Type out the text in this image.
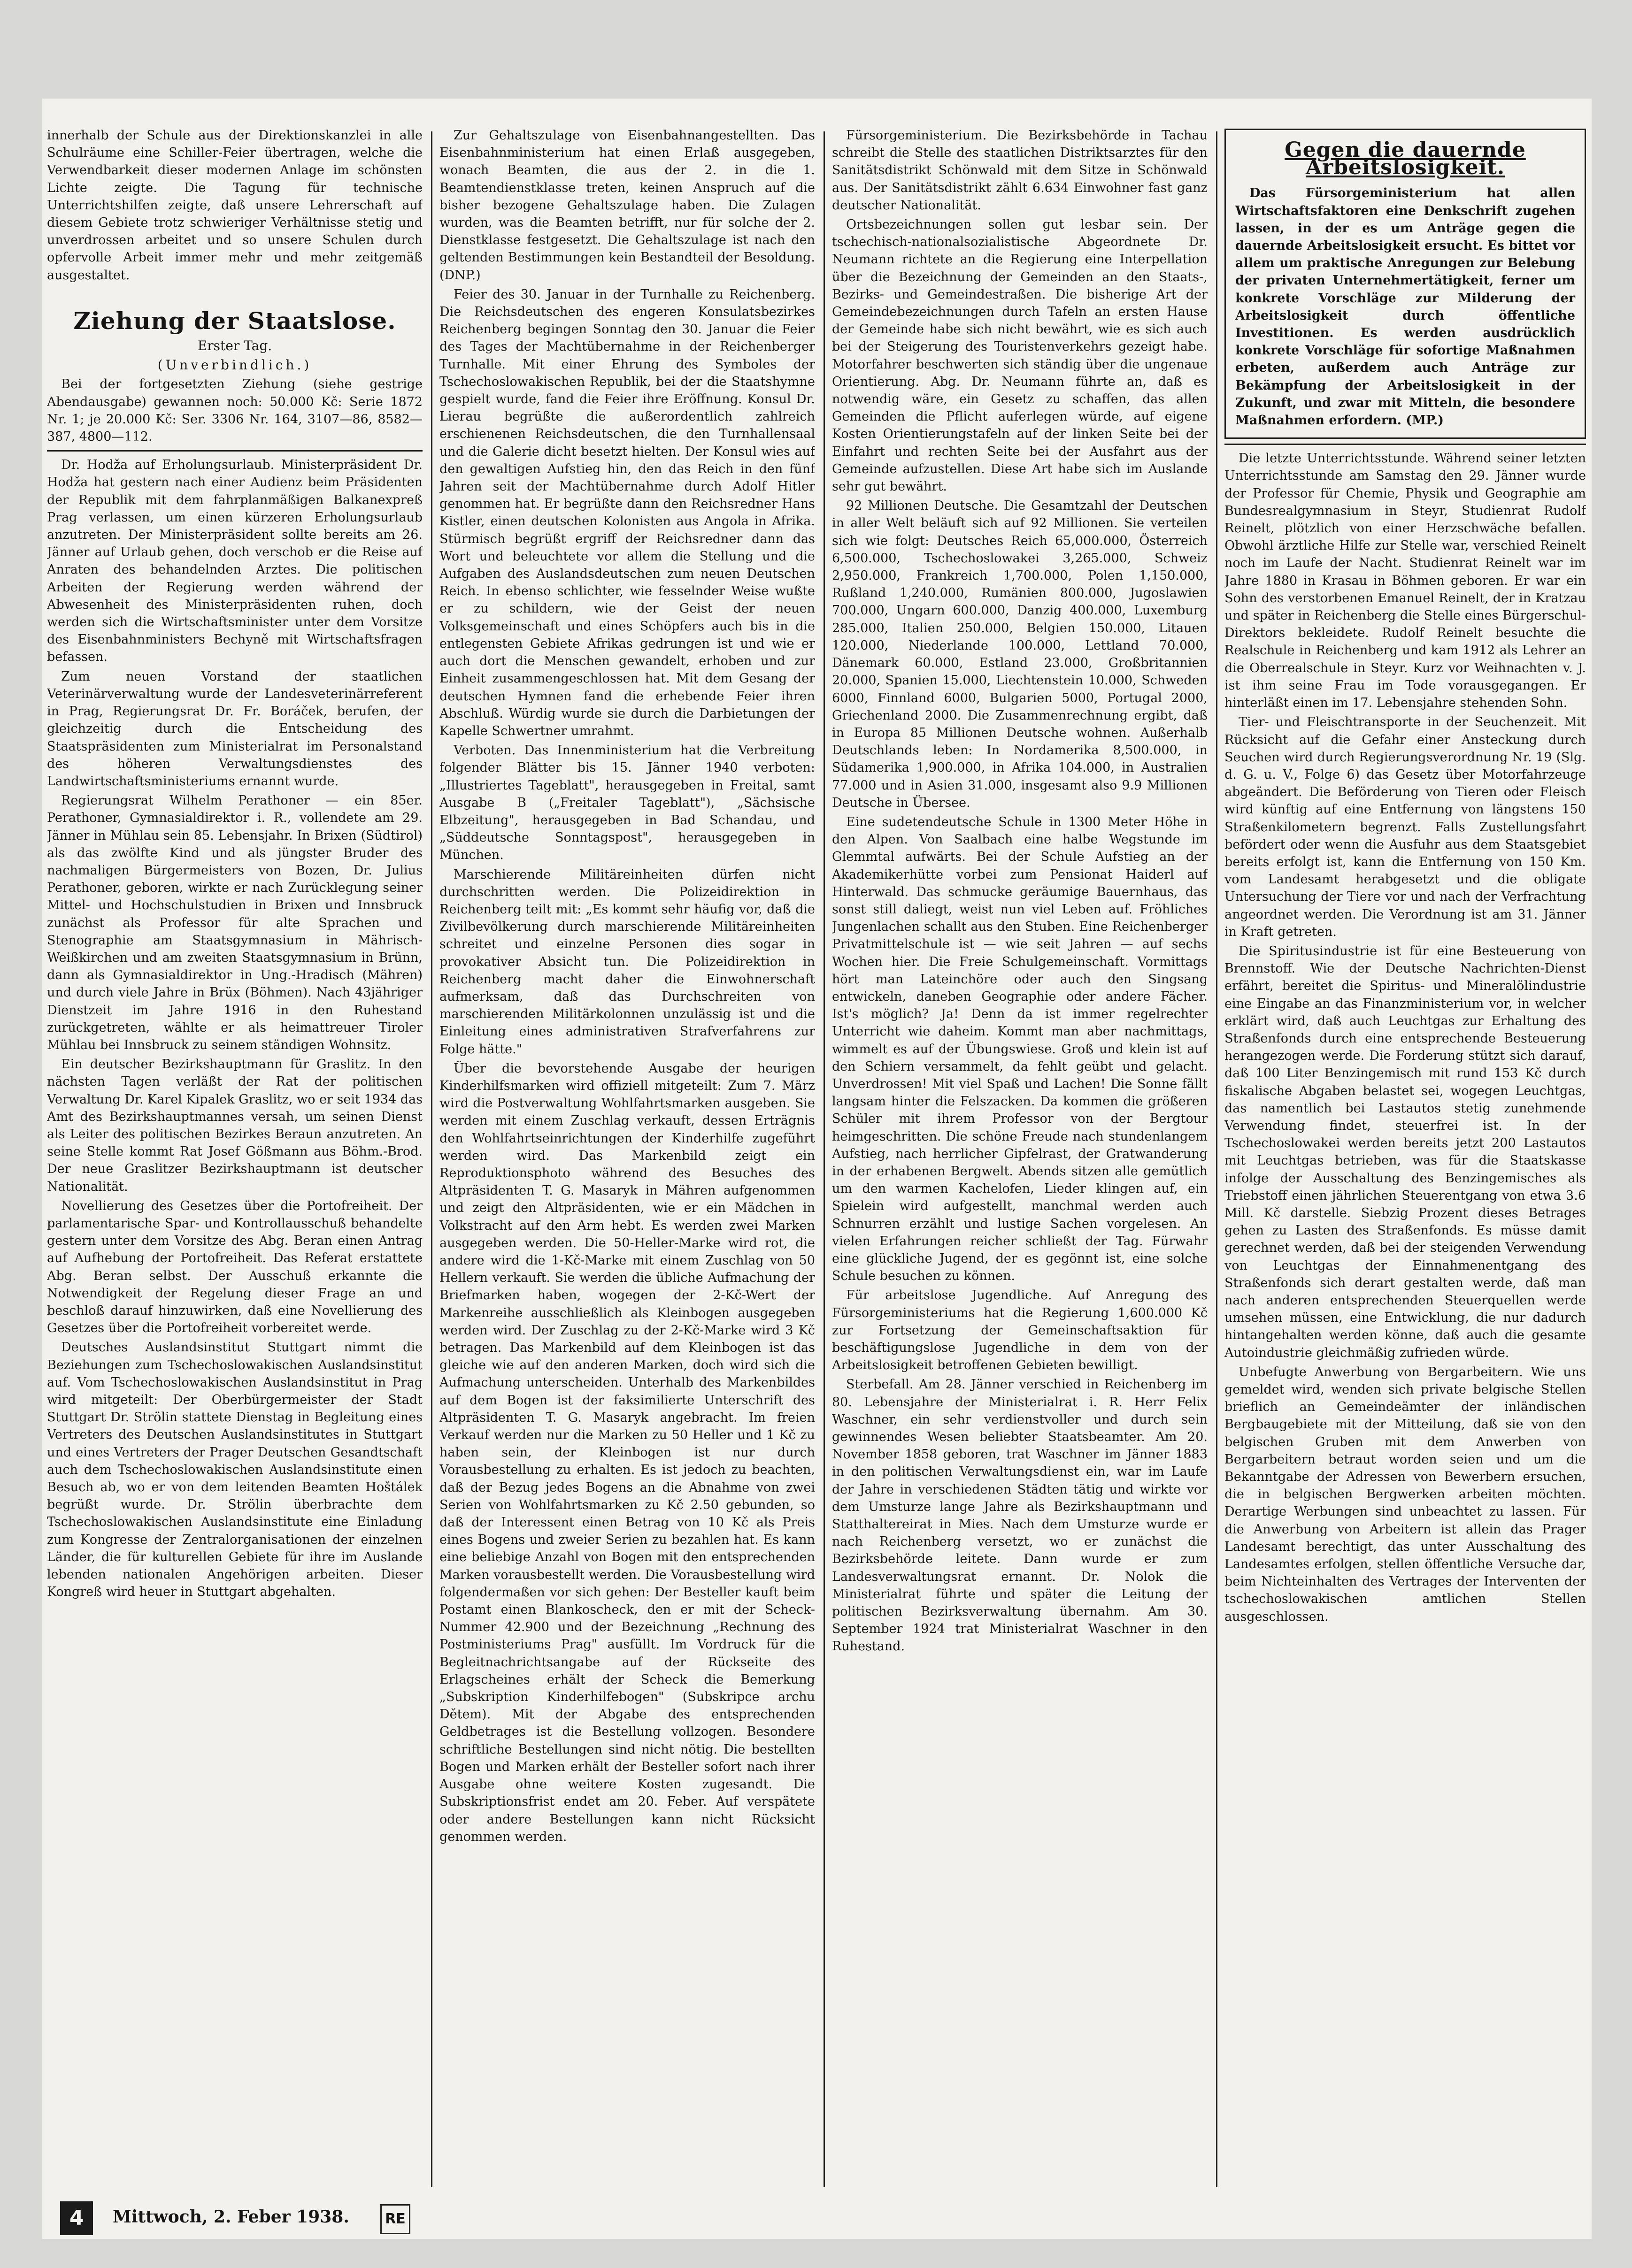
innerhalb der Schule aus der Direktionskanzlei in alle Schulräume eine Schiller-Feier übertragen, welche die Verwendbarkeit dieser modernen Anlage im schönsten Lichte zeigte. Die Tagung für technische Unterrichtshilfen zeigte, daß unsere Lehrerschaft auf diesem Gebiete trotz schwieriger Verhältnisse stetig und unverdrossen arbeitet und so unsere Schulen durch opfervolle Arbeit immer mehr und mehr zeitgemäß ausgestaltet.

Ziehung der Staatslose.
Erster Tag.
(Unverbindlich.)

Bei der fortgesetzten Ziehung (siehe gestrige Abendausgabe) gewannen noch: 50.000 Kč: Serie 1872 Nr. 1; je 20.000 Kč: Ser. 3306 Nr. 164, 3107—86, 8582—387, 4800—112.

Dr. Hodža auf Erholungsurlaub. Ministerpräsident Dr. Hodža hat gestern nach einer Audienz beim Präsidenten der Republik mit dem fahrplanmäßigen Balkanexpreß Prag verlassen, um einen kürzeren Erholungsurlaub anzutreten. Der Ministerpräsident sollte bereits am 26. Jänner auf Urlaub gehen, doch verschob er die Reise auf Anraten des behandelnden Arztes. Die politischen Arbeiten der Regierung werden während der Abwesenheit des Ministerpräsidenten ruhen, doch werden sich die Wirtschaftsminister unter dem Vorsitze des Eisenbahnministers Bechyně mit Wirtschaftsfragen befassen.

Zum neuen Vorstand der staatlichen Veterinärverwaltung wurde der Landesveterinärreferent in Prag, Regierungsrat Dr. Fr. Boráček, berufen, der gleichzeitig durch die Entscheidung des Staatspräsidenten zum Ministerialrat im Personalstand des höheren Verwaltungsdienstes des Landwirtschaftsministeriums ernannt wurde.

Regierungsrat Wilhelm Perathoner — ein 85er. Perathoner, Gymnasialdirektor i. R., vollendete am 29. Jänner in Mühlau sein 85. Lebensjahr. In Brixen (Südtirol) als das zwölfte Kind und als jüngster Bruder des nachmaligen Bürgermeisters von Bozen, Dr. Julius Perathoner, geboren, wirkte er nach Zurücklegung seiner Mittel- und Hochschulstudien in Brixen und Innsbruck zunächst als Professor für alte Sprachen und Stenographie am Staatsgymnasium in Mährisch-Weißkirchen und am zweiten Staatsgymnasium in Brünn, dann als Gymnasialdirektor in Ung.-Hradisch (Mähren) und durch viele Jahre in Brüx (Böhmen). Nach 43jähriger Dienstzeit im Jahre 1916 in den Ruhestand zurückgetreten, wählte er als heimattreuer Tiroler Mühlau bei Innsbruck zu seinem ständigen Wohnsitz.

Ein deutscher Bezirkshauptmann für Graslitz. In den nächsten Tagen verläßt der Rat der politischen Verwaltung Dr. Karel Kipalek Graslitz, wo er seit 1934 das Amt des Bezirkshauptmannes versah, um seinen Dienst als Leiter des politischen Bezirkes Beraun anzutreten. An seine Stelle kommt Rat Josef Gößmann aus Böhm.-Brod. Der neue Graslitzer Bezirkshauptmann ist deutscher Nationalität.

Novellierung des Gesetzes über die Portofreiheit. Der parlamentarische Spar- und Kontrollausschuß behandelte gestern unter dem Vorsitze des Abg. Beran einen Antrag auf Aufhebung der Portofreiheit. Das Referat erstattete Abg. Beran selbst. Der Ausschuß erkannte die Notwendigkeit der Regelung dieser Frage an und beschloß darauf hinzuwirken, daß eine Novellierung des Gesetzes über die Portofreiheit vorbereitet werde.

Deutsches Auslandsinstitut Stuttgart nimmt die Beziehungen zum Tschechoslowakischen Auslandsinstitut auf. Vom Tschechoslowakischen Auslandsinstitut in Prag wird mitgeteilt: Der Oberbürgermeister der Stadt Stuttgart Dr. Strölin stattete Dienstag in Begleitung eines Vertreters des Deutschen Auslandsinstitutes in Stuttgart und eines Vertreters der Prager Deutschen Gesandtschaft auch dem Tschechoslowakischen Auslandsinstitute einen Besuch ab, wo er von dem leitenden Beamten Hoštálek begrüßt wurde. Dr. Strölin überbrachte dem Tschechoslowakischen Auslandsinstitute eine Einladung zum Kongresse der Zentralorganisationen der einzelnen Länder, die für kulturellen Gebiete für ihre im Auslande lebenden nationalen Angehörigen arbeiten. Dieser Kongreß wird heuer in Stuttgart abgehalten.

Zur Gehaltszulage von Eisenbahnangestellten. Das Eisenbahnministerium hat einen Erlaß ausgegeben, wonach Beamten, die aus der 2. in die 1. Beamtendienstklasse treten, keinen Anspruch auf die bisher bezogene Gehaltszulage haben. Die Zulagen wurden, was die Beamten betrifft, nur für solche der 2. Dienstklasse festgesetzt. Die Gehaltszulage ist nach den geltenden Bestimmungen kein Bestandteil der Besoldung. (DNP.)

Feier des 30. Januar in der Turnhalle zu Reichenberg. Die Reichsdeutschen des engeren Konsulatsbezirkes Reichenberg begingen Sonntag den 30. Januar die Feier des Tages der Machtübernahme in der Reichenberger Turnhalle. Mit einer Ehrung des Symboles der Tschechoslowakischen Republik, bei der die Staatshymne gespielt wurde, fand die Feier ihre Eröffnung. Konsul Dr. Lierau begrüßte die außerordentlich zahlreich erschienenen Reichsdeutschen, die den Turnhallensaal und die Galerie dicht besetzt hielten. Der Konsul wies auf den gewaltigen Aufstieg hin, den das Reich in den fünf Jahren seit der Machtübernahme durch Adolf Hitler genommen hat. Er begrüßte dann den Reichsredner Hans Kistler, einen deutschen Kolonisten aus Angola in Afrika. Stürmisch begrüßt ergriff der Reichsredner dann das Wort und beleuchtete vor allem die Stellung und die Aufgaben des Auslandsdeutschen zum neuen Deutschen Reich. In ebenso schlichter, wie fesselnder Weise wußte er zu schildern, wie der Geist der neuen Volksgemeinschaft und eines Schöpfers auch bis in die entlegensten Gebiete Afrikas gedrungen ist und wie er auch dort die Menschen gewandelt, erhoben und zur Einheit zusammengeschlossen hat. Mit dem Gesang der deutschen Hymnen fand die erhebende Feier ihren Abschluß. Würdig wurde sie durch die Darbietungen der Kapelle Schwertner umrahmt.

Verboten. Das Innenministerium hat die Verbreitung folgender Blätter bis 15. Jänner 1940 verboten: „Illustriertes Tageblatt", herausgegeben in Freital, samt Ausgabe B („Freitaler Tageblatt"), „Sächsische Elbzeitung", herausgegeben in Bad Schandau, und „Süddeutsche Sonntagspost", herausgegeben in München.

Marschierende Militäreinheiten dürfen nicht durchschritten werden. Die Polizeidirektion in Reichenberg teilt mit: „Es kommt sehr häufig vor, daß die Zivilbevölkerung durch marschierende Militäreinheiten schreitet und einzelne Personen dies sogar in provokativer Absicht tun. Die Polizeidirektion in Reichenberg macht daher die Einwohnerschaft aufmerksam, daß das Durchschreiten von marschierenden Militärkolonnen unzulässig ist und die Einleitung eines administrativen Strafverfahrens zur Folge hätte."

Über die bevorstehende Ausgabe der heurigen Kinderhilfsmarken wird offiziell mitgeteilt: Zum 7. März wird die Postverwaltung Wohlfahrtsmarken ausgeben. Sie werden mit einem Zuschlag verkauft, dessen Erträgnis den Wohlfahrtseinrichtungen der Kinderhilfe zugeführt werden wird. Das Markenbild zeigt ein Reproduktionsphoto während des Besuches des Altpräsidenten T. G. Masaryk in Mähren aufgenommen und zeigt den Altpräsidenten, wie er ein Mädchen in Volkstracht auf den Arm hebt. Es werden zwei Marken ausgegeben werden. Die 50-Heller-Marke wird rot, die andere wird die 1-Kč-Marke mit einem Zuschlag von 50 Hellern verkauft. Sie werden die übliche Aufmachung der Briefmarken haben, wogegen der 2-Kč-Wert der Markenreihe ausschließlich als Kleinbogen ausgegeben werden wird. Der Zuschlag zu der 2-Kč-Marke wird 3 Kč betragen. Das Markenbild auf dem Kleinbogen ist das gleiche wie auf den anderen Marken, doch wird sich die Aufmachung unterscheiden. Unterhalb des Markenbildes auf dem Bogen ist der faksimilierte Unterschrift des Altpräsidenten T. G. Masaryk angebracht. Im freien Verkauf werden nur die Marken zu 50 Heller und 1 Kč zu haben sein, der Kleinbogen ist nur durch Vorausbestellung zu erhalten. Es ist jedoch zu beachten, daß der Bezug jedes Bogens an die Abnahme von zwei Serien von Wohlfahrtsmarken zu Kč 2.50 gebunden, so daß der Interessent einen Betrag von 10 Kč als Preis eines Bogens und zweier Serien zu bezahlen hat. Es kann eine beliebige Anzahl von Bogen mit den entsprechenden Marken vorausbestellt werden. Die Vorausbestellung wird folgendermaßen vor sich gehen: Der Besteller kauft beim Postamt einen Blankoscheck, den er mit der Scheck-Nummer 42.900 und der Bezeichnung „Rechnung des Postministeriums Prag" ausfüllt. Im Vordruck für die Begleitnachrichtsangabe auf der Rückseite des Erlagscheines erhält der Scheck die Bemerkung „Subskription Kinderhilfebogen" (Subskripce archu Dětem). Mit der Abgabe des entsprechenden Geldbetrages ist die Bestellung vollzogen. Besondere schriftliche Bestellungen sind nicht nötig. Die bestellten Bogen und Marken erhält der Besteller sofort nach ihrer Ausgabe ohne weitere Kosten zugesandt. Die Subskriptionsfrist endet am 20. Feber. Auf verspätete oder andere Bestellungen kann nicht Rücksicht genommen werden.

Fürsorgeministerium. Die Bezirksbehörde in Tachau schreibt die Stelle des staatlichen Distriktsarztes für den Sanitätsdistrikt Schönwald mit dem Sitze in Schönwald aus. Der Sanitätsdistrikt zählt 6.634 Einwohner fast ganz deutscher Nationalität.

Ortsbezeichnungen sollen gut lesbar sein. Der tschechisch-nationalsozialistische Abgeordnete Dr. Neumann richtete an die Regierung eine Interpellation über die Bezeichnung der Gemeinden an den Staats-, Bezirks- und Gemeindestraßen. Die bisherige Art der Gemeindebezeichnungen durch Tafeln an ersten Hause der Gemeinde habe sich nicht bewährt, wie es sich auch bei der Steigerung des Touristenverkehrs gezeigt habe. Motorfahrer beschwerten sich ständig über die ungenaue Orientierung. Abg. Dr. Neumann führte an, daß es notwendig wäre, ein Gesetz zu schaffen, das allen Gemeinden die Pflicht auferlegen würde, auf eigene Kosten Orientierungstafeln auf der linken Seite bei der Einfahrt und rechten Seite bei der Ausfahrt aus der Gemeinde aufzustellen. Diese Art habe sich im Auslande sehr gut bewährt.

92 Millionen Deutsche. Die Gesamtzahl der Deutschen in aller Welt beläuft sich auf 92 Millionen. Sie verteilen sich wie folgt: Deutsches Reich 65,000.000, Österreich 6,500.000, Tschechoslowakei 3,265.000, Schweiz 2,950.000, Frankreich 1,700.000, Polen 1,150.000, Rußland 1,240.000, Rumänien 800.000, Jugoslawien 700.000, Ungarn 600.000, Danzig 400.000, Luxemburg 285.000, Italien 250.000, Belgien 150.000, Litauen 120.000, Niederlande 100.000, Lettland 70.000, Dänemark 60.000, Estland 23.000, Großbritannien 20.000, Spanien 15.000, Liechtenstein 10.000, Schweden 6000, Finnland 6000, Bulgarien 5000, Portugal 2000, Griechenland 2000. Die Zusammenrechnung ergibt, daß in Europa 85 Millionen Deutsche wohnen. Außerhalb Deutschlands leben: In Nordamerika 8,500.000, in Südamerika 1,900.000, in Afrika 104.000, in Australien 77.000 und in Asien 31.000, insgesamt also 9.9 Millionen Deutsche in Übersee.

Eine sudetendeutsche Schule in 1300 Meter Höhe in den Alpen. Von Saalbach eine halbe Wegstunde im Glemmtal aufwärts. Bei der Schule Aufstieg an der Akademikerhütte vorbei zum Pensionat Haiderl auf Hinterwald. Das schmucke geräumige Bauernhaus, das sonst still daliegt, weist nun viel Leben auf. Fröhliches Jungenlachen schallt aus den Stuben. Eine Reichenberger Privatmittelschule ist — wie seit Jahren — auf sechs Wochen hier. Die Freie Schulgemeinschaft. Vormittags hört man Lateinchöre oder auch den Singsang entwickeln, daneben Geographie oder andere Fächer. Ist's möglich? Ja! Denn da ist immer regelrechter Unterricht wie daheim. Kommt man aber nachmittags, wimmelt es auf der Übungswiese. Groß und klein ist auf den Schiern versammelt, da fehlt geübt und gelacht. Unverdrossen! Mit viel Spaß und Lachen! Die Sonne fällt langsam hinter die Felszacken. Da kommen die größeren Schüler mit ihrem Professor von der Bergtour heimgeschritten. Die schöne Freude nach stundenlangem Aufstieg, nach herrlicher Gipfelrast, der Gratwanderung in der erhabenen Bergwelt. Abends sitzen alle gemütlich um den warmen Kachelofen, Lieder klingen auf, ein Spielein wird aufgestellt, manchmal werden auch Schnurren erzählt und lustige Sachen vorgelesen. An vielen Erfahrungen reicher schließt der Tag. Fürwahr eine glückliche Jugend, der es gegönnt ist, eine solche Schule besuchen zu können.

Für arbeitslose Jugendliche. Auf Anregung des Fürsorgeministeriums hat die Regierung 1,600.000 Kč zur Fortsetzung der Gemeinschaftsaktion für beschäftigungslose Jugendliche in dem von der Arbeitslosigkeit betroffenen Gebieten bewilligt.

Sterbefall. Am 28. Jänner verschied in Reichenberg im 80. Lebensjahre der Ministerialrat i. R. Herr Felix Waschner, ein sehr verdienstvoller und durch sein gewinnendes Wesen beliebter Staatsbeamter. Am 20. November 1858 geboren, trat Waschner im Jänner 1883 in den politischen Verwaltungsdienst ein, war im Laufe der Jahre in verschiedenen Städten tätig und wirkte vor dem Umsturze lange Jahre als Bezirkshauptmann und Statthaltereirat in Mies. Nach dem Umsturze wurde er nach Reichenberg versetzt, wo er zunächst die Bezirksbehörde leitete. Dann wurde er zum Landesverwaltungsrat ernannt. Dr. Nolok die Ministerialrat führte und später die Leitung der politischen Bezirksverwaltung übernahm. Am 30. September 1924 trat Ministerialrat Waschner in den Ruhestand.

Gegen die dauernde Arbeitslosigkeit.

Das Fürsorgeministerium hat allen Wirtschaftsfaktoren eine Denkschrift zugehen lassen, in der es um Anträge gegen die dauernde Arbeitslosigkeit ersucht. Es bittet vor allem um praktische Anregungen zur Belebung der privaten Unternehmertätigkeit, ferner um konkrete Vorschläge zur Milderung der Arbeitslosigkeit durch öffentliche Investitionen. Es werden ausdrücklich konkrete Vorschläge für sofortige Maßnahmen erbeten, außerdem auch Anträge zur Bekämpfung der Arbeitslosigkeit in der Zukunft, und zwar mit Mitteln, die besondere Maßnahmen erfordern. (MP.)

Die letzte Unterrichtsstunde. Während seiner letzten Unterrichtsstunde am Samstag den 29. Jänner wurde der Professor für Chemie, Physik und Geographie am Bundesrealgymnasium in Steyr, Studienrat Rudolf Reinelt, plötzlich von einer Herzschwäche befallen. Obwohl ärztliche Hilfe zur Stelle war, verschied Reinelt noch im Laufe der Nacht. Studienrat Reinelt war im Jahre 1880 in Krasau in Böhmen geboren. Er war ein Sohn des verstorbenen Emanuel Reinelt, der in Kratzau und später in Reichenberg die Stelle eines Bürgerschul-Direktors bekleidete. Rudolf Reinelt besuchte die Realschule in Reichenberg und kam 1912 als Lehrer an die Oberrealschule in Steyr. Kurz vor Weihnachten v. J. ist ihm seine Frau im Tode vorausgegangen. Er hinterläßt einen im 17. Lebensjahre stehenden Sohn.

Tier- und Fleischtransporte in der Seuchenzeit. Mit Rücksicht auf die Gefahr einer Ansteckung durch Seuchen wird durch Regierungsverordnung Nr. 19 (Slg. d. G. u. V., Folge 6) das Gesetz über Motorfahrzeuge abgeändert. Die Beförderung von Tieren oder Fleisch wird künftig auf eine Entfernung von längstens 150 Straßenkilometern begrenzt. Falls Zustellungsfahrt befördert oder wenn die Ausfuhr aus dem Staatsgebiet bereits erfolgt ist, kann die Entfernung von 150 Km. vom Landesamt herabgesetzt und die obligate Untersuchung der Tiere vor und nach der Verfrachtung angeordnet werden. Die Verordnung ist am 31. Jänner in Kraft getreten.

Die Spiritusindustrie ist für eine Besteuerung von Brennstoff. Wie der Deutsche Nachrichten-Dienst erfährt, bereitet die Spiritus- und Mineralölindustrie eine Eingabe an das Finanzministerium vor, in welcher erklärt wird, daß auch Leuchtgas zur Erhaltung des Straßenfonds durch eine entsprechende Besteuerung herangezogen werde. Die Forderung stützt sich darauf, daß 100 Liter Benzingemisch mit rund 153 Kč durch fiskalische Abgaben belastet sei, wogegen Leuchtgas, das namentlich bei Lastautos stetig zunehmende Verwendung findet, steuerfrei ist. In der Tschechoslowakei werden bereits jetzt 200 Lastautos mit Leuchtgas betrieben, was für die Staatskasse infolge der Ausschaltung des Benzingemisches als Triebstoff einen jährlichen Steuerentgang von etwa 3.6 Mill. Kč darstelle. Siebzig Prozent dieses Betrages gehen zu Lasten des Straßenfonds. Es müsse damit gerechnet werden, daß bei der steigenden Verwendung von Leuchtgas der Einnahmenentgang des Straßenfonds sich derart gestalten werde, daß man nach anderen entsprechenden Steuerquellen werde umsehen müssen, eine Entwicklung, die nur dadurch hintangehalten werden könne, daß auch die gesamte Autoindustrie gleichmäßig zufrieden würde.

Unbefugte Anwerbung von Bergarbeitern. Wie uns gemeldet wird, wenden sich private belgische Stellen brieflich an Gemeindeämter der inländischen Bergbaugebiete mit der Mitteilung, daß sie von den belgischen Gruben mit dem Anwerben von Bergarbeitern betraut worden seien und um die Bekanntgabe der Adressen von Bewerbern ersuchen, die in belgischen Bergwerken arbeiten möchten. Derartige Werbungen sind unbeachtet zu lassen. Für die Anwerbung von Arbeitern ist allein das Prager Landesamt berechtigt, das unter Ausschaltung des Landesamtes erfolgen, stellen öffentliche Versuche dar, beim Nichteinhalten des Vertrages der Interventen der tschechoslowakischen amtlichen Stellen ausgeschlossen.

4	Mittwoch, 2. Feber 1938.	RE
